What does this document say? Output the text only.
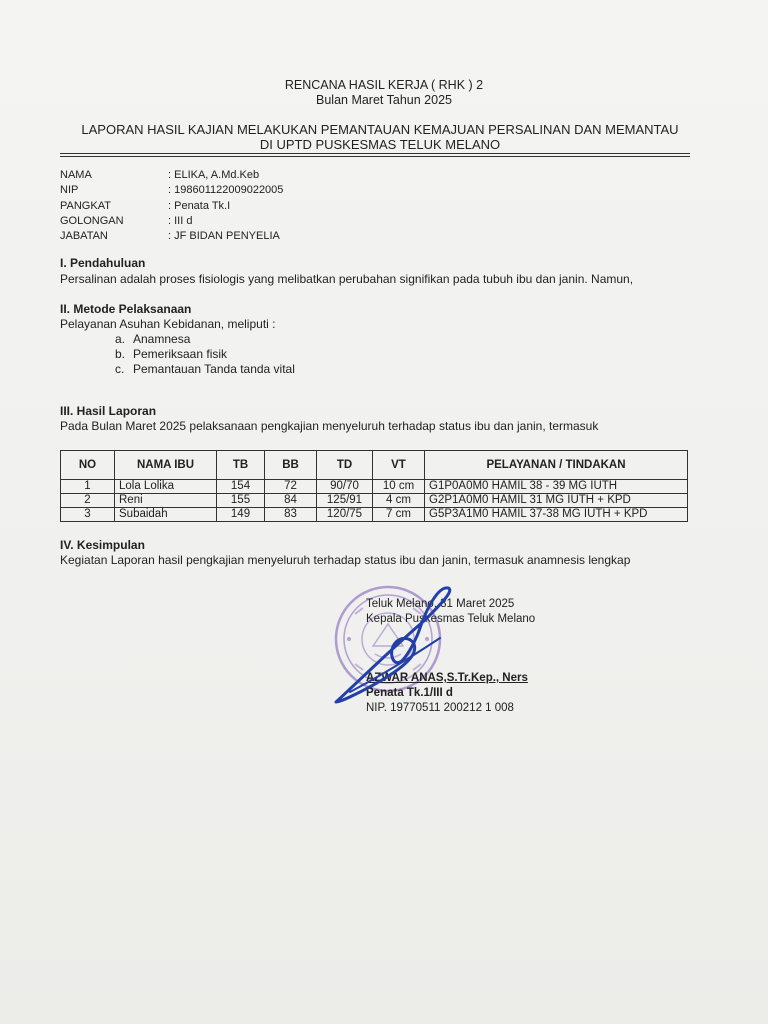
RENCANA HASIL KERJA ( RHK ) 2
Bulan Maret Tahun 2025
LAPORAN HASIL KAJIAN MELAKUKAN PEMANTAUAN KEMAJUAN PERSALINAN DAN MEMANTAU
DI UPTD PUSKESMAS TELUK MELANO
NAMA	: ELIKA, A.Md.Keb
NIP	: 198601122009022005
PANGKAT	: Penata Tk.I
GOLONGAN	: III d
JABATAN	: JF BIDAN PENYELIA
I. Pendahuluan
Persalinan adalah proses fisiologis yang melibatkan perubahan signifikan pada tubuh ibu dan janin. Namun,
II. Metode Pelaksanaan
Pelayanan Asuhan Kebidanan, meliputi :
a. Anamnesa
b. Pemeriksaan fisik
c. Pemantauan Tanda tanda vital
III. Hasil Laporan
Pada Bulan Maret 2025 pelaksanaan pengkajian menyeluruh terhadap status ibu dan janin, termasuk
NO	NAMA IBU	TB	BB	TD	VT	PELAYANAN / TINDAKAN
1	Lola Lolika	154	72	90/70	10 cm	G1P0A0M0 HAMIL 38 - 39 MG IUTH
2	Reni	155	84	125/91	4 cm	G2P1A0M0 HAMIL 31 MG IUTH + KPD
3	Subaidah	149	83	120/75	7 cm	G5P3A1M0 HAMIL 37-38 MG IUTH + KPD
IV. Kesimpulan
Kegiatan Laporan hasil pengkajian menyeluruh terhadap status ibu dan janin, termasuk anamnesis lengkap
Teluk Melano, 31 Maret 2025
Kepala Puskesmas Teluk Melano
AZWAR ANAS,S.Tr.Kep., Ners
Penata Tk.1/III d
NIP. 19770511 200212 1 008
